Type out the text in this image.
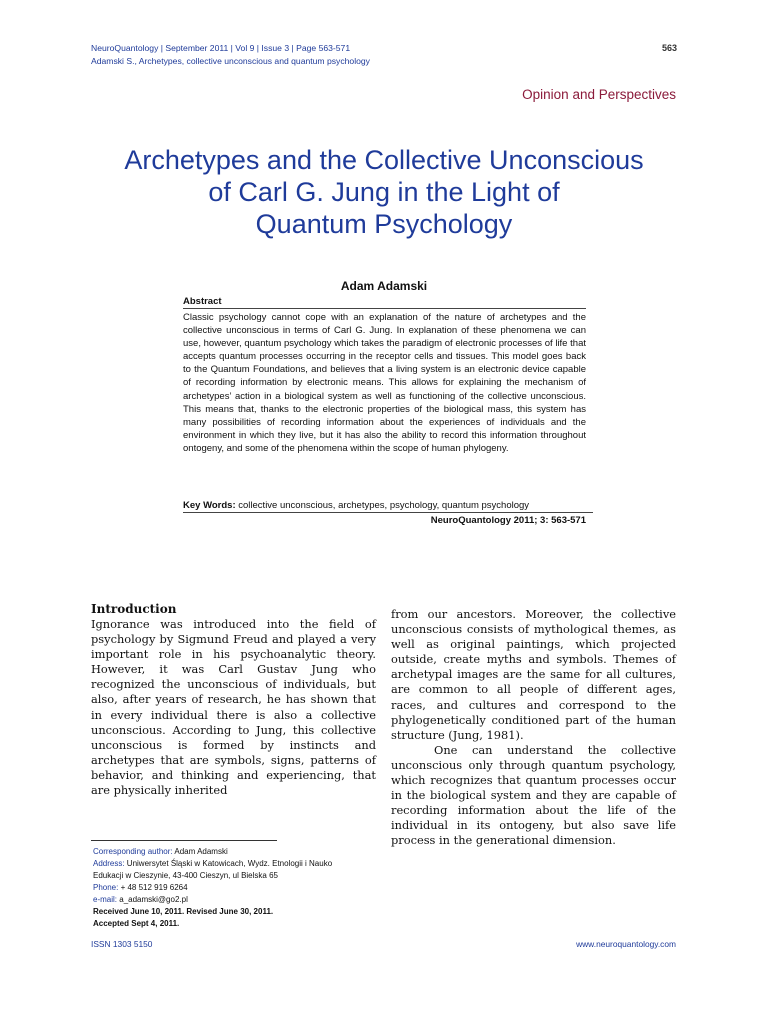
NeuroQuantology | September 2011 | Vol 9 | Issue 3 | Page 563-571
Adamski S., Archetypes, collective unconscious and quantum psychology
563
Opinion and Perspectives
Archetypes and the Collective Unconscious
of Carl G. Jung in the Light of
Quantum Psychology
Adam Adamski
Abstract
Classic psychology cannot cope with an explanation of the nature of archetypes and the collective unconscious in terms of Carl G. Jung. In explanation of these phenomena we can use, however, quantum psychology which takes the paradigm of electronic processes of life that accepts quantum processes occurring in the receptor cells and tissues. This model goes back to the Quantum Foundations, and believes that a living system is an electronic device capable of recording information by electronic means. This allows for explaining the mechanism of archetypes’ action in a biological system as well as functioning of the collective unconscious. This means that, thanks to the electronic properties of the biological mass, this system has many possibilities of recording information about the experiences of individuals and the environment in which they live, but it has also the ability to record this information throughout ontogeny, and some of the phenomena within the scope of human phylogeny.
Key Words: collective unconscious, archetypes, psychology, quantum psychology
NeuroQuantology 2011; 3: 563-571
Introduction

Ignorance was introduced into the field of psychology by Sigmund Freud and played a very important role in his psychoanalytic theory. However, it was Carl Gustav Jung who recognized the unconscious of individuals, but also, after years of research, he has shown that in every individual there is also a collective unconscious. According to Jung, this collective unconscious is formed by instincts and archetypes that are symbols, signs, patterns of behavior, and thinking and experiencing, that are physically inherited

from our ancestors. Moreover, the collective unconscious consists of mythological themes, as well as original paintings, which projected outside, create myths and symbols. Themes of archetypal images are the same for all cultures, are common to all people of different ages, races, and cultures and correspond to the phylogenetically conditioned part of the human structure (Jung, 1981).

One can understand the collective unconscious only through quantum psychology, which recognizes that quantum processes occur in the biological system and they are capable of recording information about the life of the individual in its ontogeny, but also save life process in the generational dimension.

Corresponding author: Adam Adamski
Address: Uniwersytet Śląski w Katowicach, Wydz. Etnologii i Nauko Edukacji w Cieszynie, 43-400 Cieszyn, ul Bielska 65
Phone: + 48 512 919 6264
e-mail: a_adamski@go2.pl
Received June 10, 2011. Revised June 30, 2011.
Accepted Sept 4, 2011.
ISSN 1303 5150	www.neuroquantology.com
